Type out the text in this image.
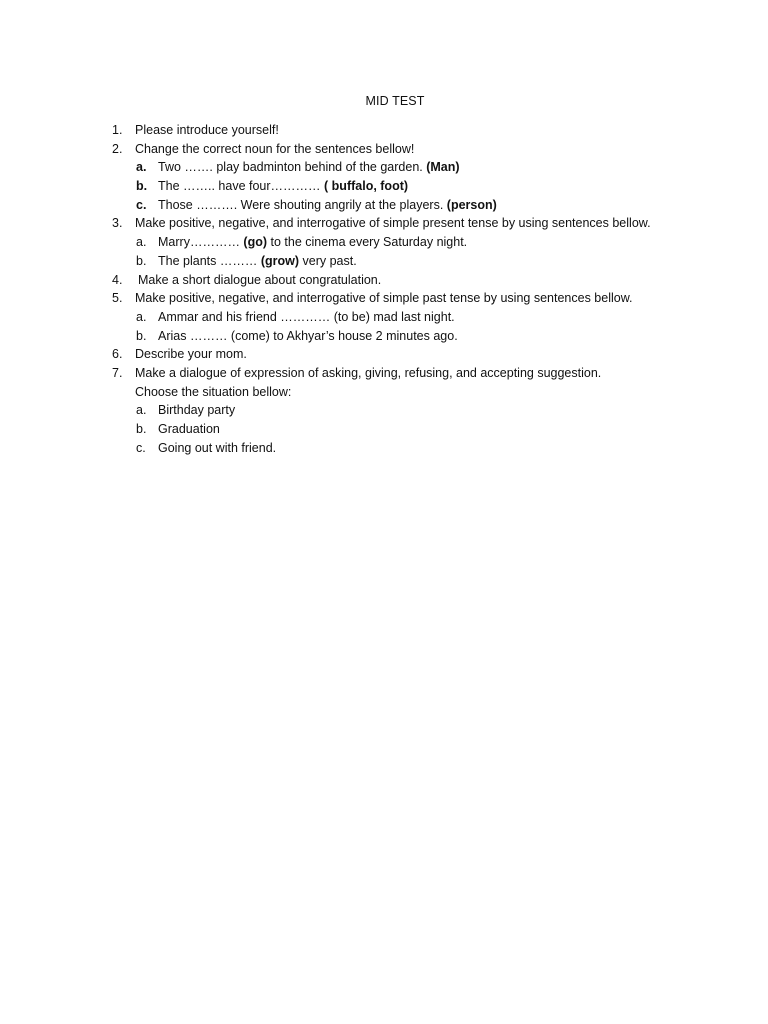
MID TEST
1.	Please introduce yourself!
2.	Change the correct noun for the sentences bellow!
a. Two ……. play badminton behind of the garden. (Man)
b. The …….. have four………… ( buffalo, foot)
c. Those ………. Were shouting angrily at the players. (person)
3.	Make positive, negative, and interrogative of simple present tense by using sentences bellow.
a. Marry………… (go) to the cinema every Saturday night.
b. The plants ……… (grow) very past.
4.	Make a short dialogue about congratulation.
5.	Make positive, negative, and interrogative of simple past tense by using sentences bellow.
a. Ammar and his friend ………… (to be) mad last night.
b. Arias ……… (come) to Akhyar’s house 2 minutes ago.
6.	Describe your mom.
7.	Make a dialogue of expression of asking, giving, refusing, and accepting suggestion.
Choose the situation bellow:
a. Birthday party
b. Graduation
c. Going out with friend.
